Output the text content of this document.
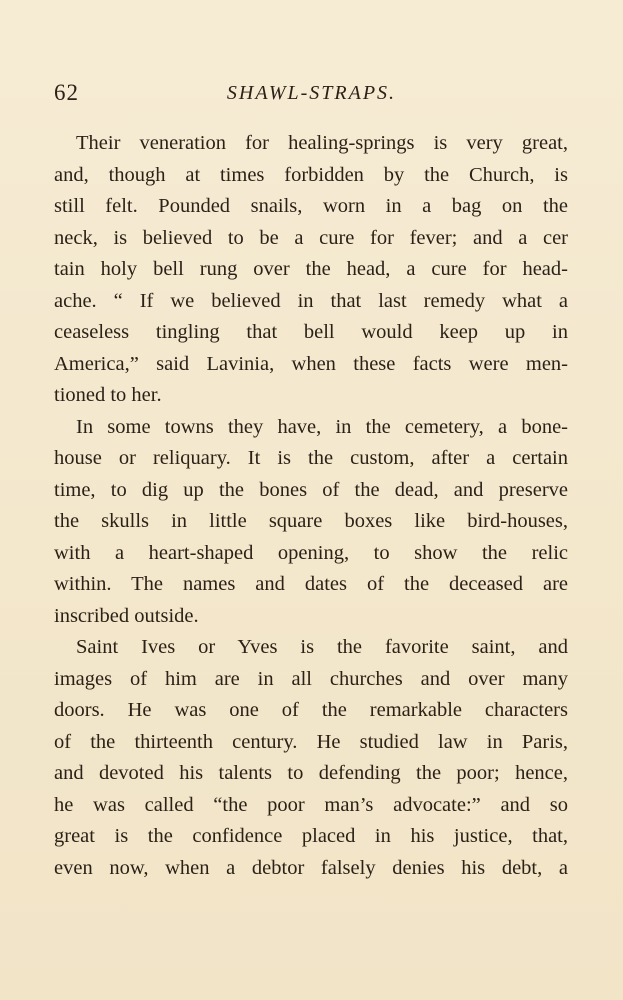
62	SHAWL-STRAPS.
Their veneration for healing-springs is very great,
and, though at times forbidden by the Church, is
still felt. Pounded snails, worn in a bag on the
neck, is believed to be a cure for fever; and a cer
tain holy bell rung over the head, a cure for head-
ache. “ If we believed in that last remedy what a
ceaseless tingling that bell would keep up in
America,” said Lavinia, when these facts were men-
tioned to her.
In some towns they have, in the cemetery, a bone-
house or reliquary. It is the custom, after a certain
time, to dig up the bones of the dead, and preserve
the skulls in little square boxes like bird-houses,
with a heart-shaped opening, to show the relic
within. The names and dates of the deceased are
inscribed outside.
Saint Ives or Yves is the favorite saint, and
images of him are in all churches and over many
doors. He was one of the remarkable characters
of the thirteenth century. He studied law in Paris,
and devoted his talents to defending the poor; hence,
he was called “the poor man’s advocate:” and so
great is the confidence placed in his justice, that,
even now, when a debtor falsely denies his debt, a
